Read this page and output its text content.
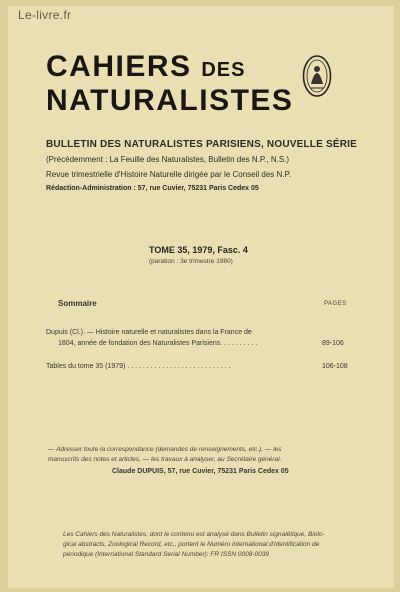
Le-livre.fr
CAHIERS DES
NATURALISTES
BULLETIN DES NATURALISTES PARISIENS, NOUVELLE SÉRIE
(Précédemment : La Feuille des Naturalistes, Bulletin des N.P., N.S.)
Revue trimestrielle d'Histoire Naturelle dirigée par le Conseil des N.P.
Rédaction-Administration : 57, rue Cuvier, 75231 Paris Cedex 05
TOME 35, 1979, Fasc. 4
(paration : 3e trimestre 1980)
Sommaire	PAGES
Dupuis (Cl.). — Histoire naturelle et naturalistes dans la France de
1804, année de fondation des Naturalistes Parisiens. . . . . . . . . .	89-106
Tables du tome 35 (1979) . . . . . . . . . . . . . . . . . . . . . . . . . . .	106-108
— Adresser toute la correspondance (demandes de renseignements, etc.). — les
manuscrits des notes et articles, — les travaux à analyser, au Secrétaire général.
Claude DUPUIS, 57, rue Cuvier, 75231 Paris Cedex 05
Les Cahiers des Naturalistes, dont le contenu est analysé dans Bulletin signalétique, Biolo-
gical abstracts, Zoological Record, etc., portent le Numéro international d'identification de
périodique (International Standard Serial Number): FR ISSN 0008-0039
